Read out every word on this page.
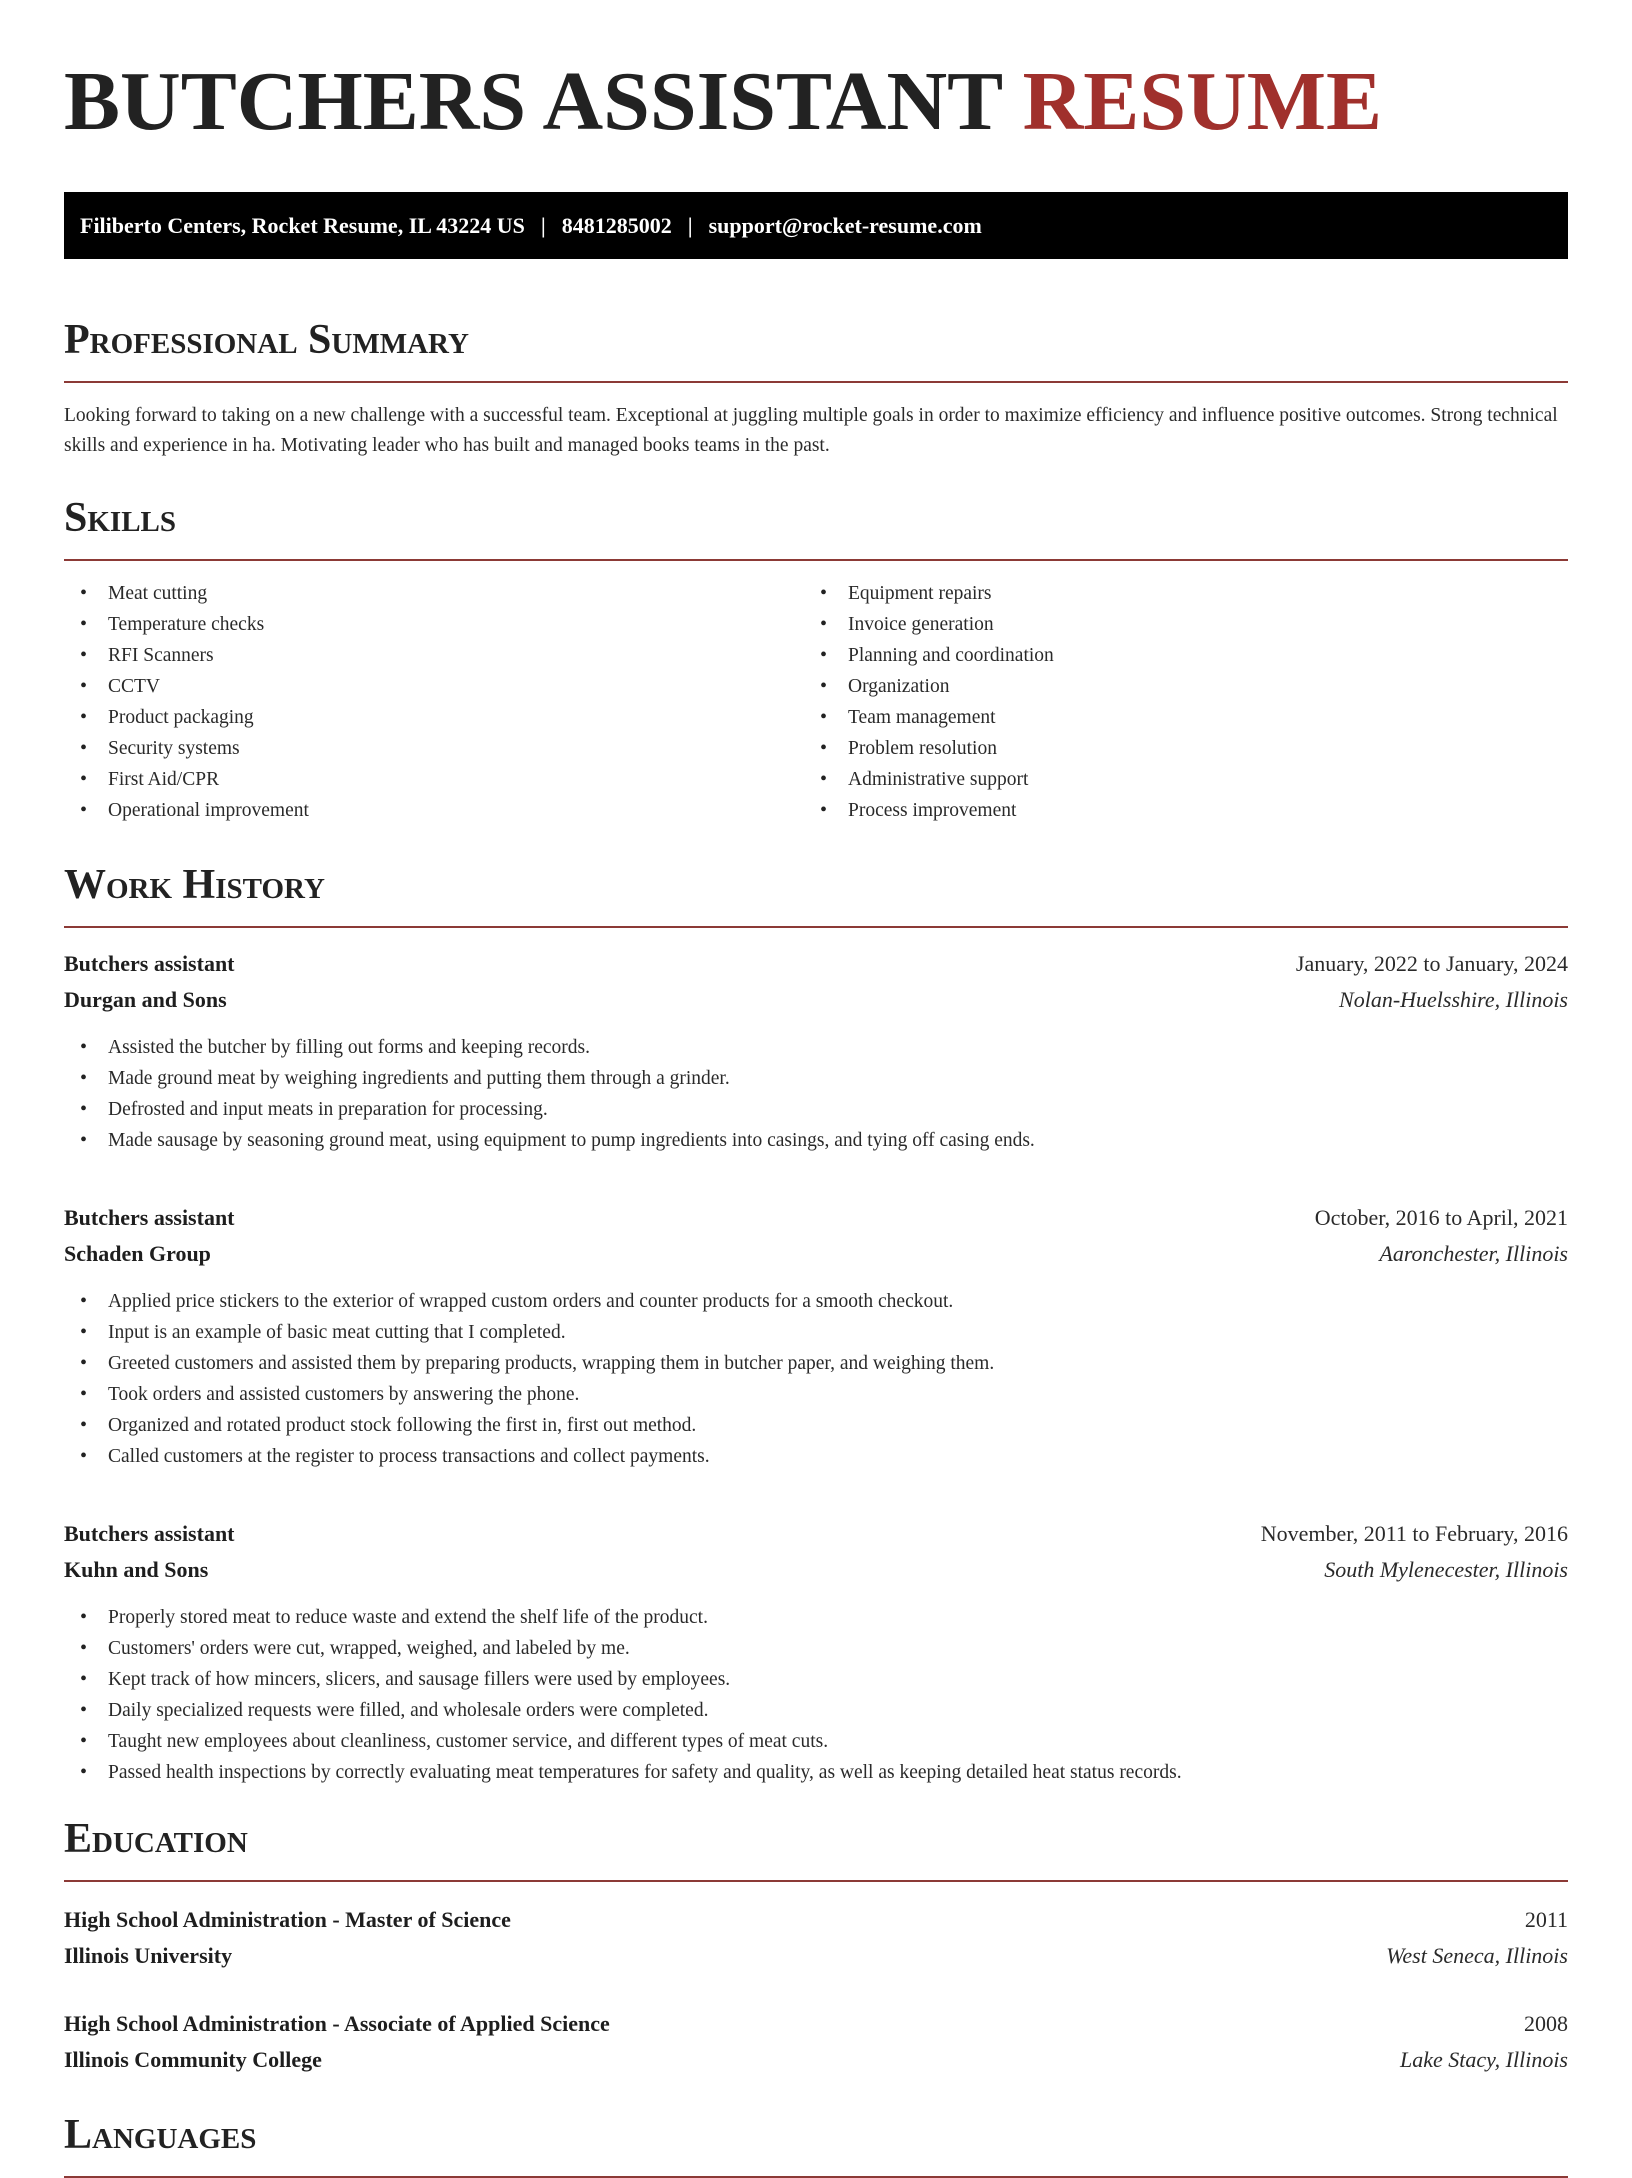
BUTCHERS ASSISTANT RESUME
Filiberto Centers, Rocket Resume, IL 43224 US | 8481285002 | support@rocket-resume.com
Professional Summary

Looking forward to taking on a new challenge with a successful team. Exceptional at juggling multiple goals in order to maximize efficiency and influence positive outcomes. Strong technical skills and experience in ha. Motivating leader who has built and managed books teams in the past.

Skills
• Meat cutting
• Temperature checks
• RFI Scanners
• CCTV
• Product packaging
• Security systems
• First Aid/CPR
• Operational improvement
• Equipment repairs
• Invoice generation
• Planning and coordination
• Organization
• Team management
• Problem resolution
• Administrative support
• Process improvement
Work History
Butchers assistant	January, 2022 to January, 2024
Durgan and Sons	Nolan-Huelsshire, Illinois
• Assisted the butcher by filling out forms and keeping records.
• Made ground meat by weighing ingredients and putting them through a grinder.
• Defrosted and input meats in preparation for processing.
• Made sausage by seasoning ground meat, using equipment to pump ingredients into casings, and tying off casing ends.
Butchers assistant	October, 2016 to April, 2021
Schaden Group	Aaronchester, Illinois
• Applied price stickers to the exterior of wrapped custom orders and counter products for a smooth checkout.
• Input is an example of basic meat cutting that I completed.
• Greeted customers and assisted them by preparing products, wrapping them in butcher paper, and weighing them.
• Took orders and assisted customers by answering the phone.
• Organized and rotated product stock following the first in, first out method.
• Called customers at the register to process transactions and collect payments.
Butchers assistant	November, 2011 to February, 2016
Kuhn and Sons	South Mylenecester, Illinois
• Properly stored meat to reduce waste and extend the shelf life of the product.
• Customers' orders were cut, wrapped, weighed, and labeled by me.
• Kept track of how mincers, slicers, and sausage fillers were used by employees.
• Daily specialized requests were filled, and wholesale orders were completed.
• Taught new employees about cleanliness, customer service, and different types of meat cuts.
• Passed health inspections by correctly evaluating meat temperatures for safety and quality, as well as keeping detailed heat status records.
Education
High School Administration - Master of Science	2011
Illinois University	West Seneca, Illinois
High School Administration - Associate of Applied Science	2008
Illinois Community College	Lake Stacy, Illinois
Languages
